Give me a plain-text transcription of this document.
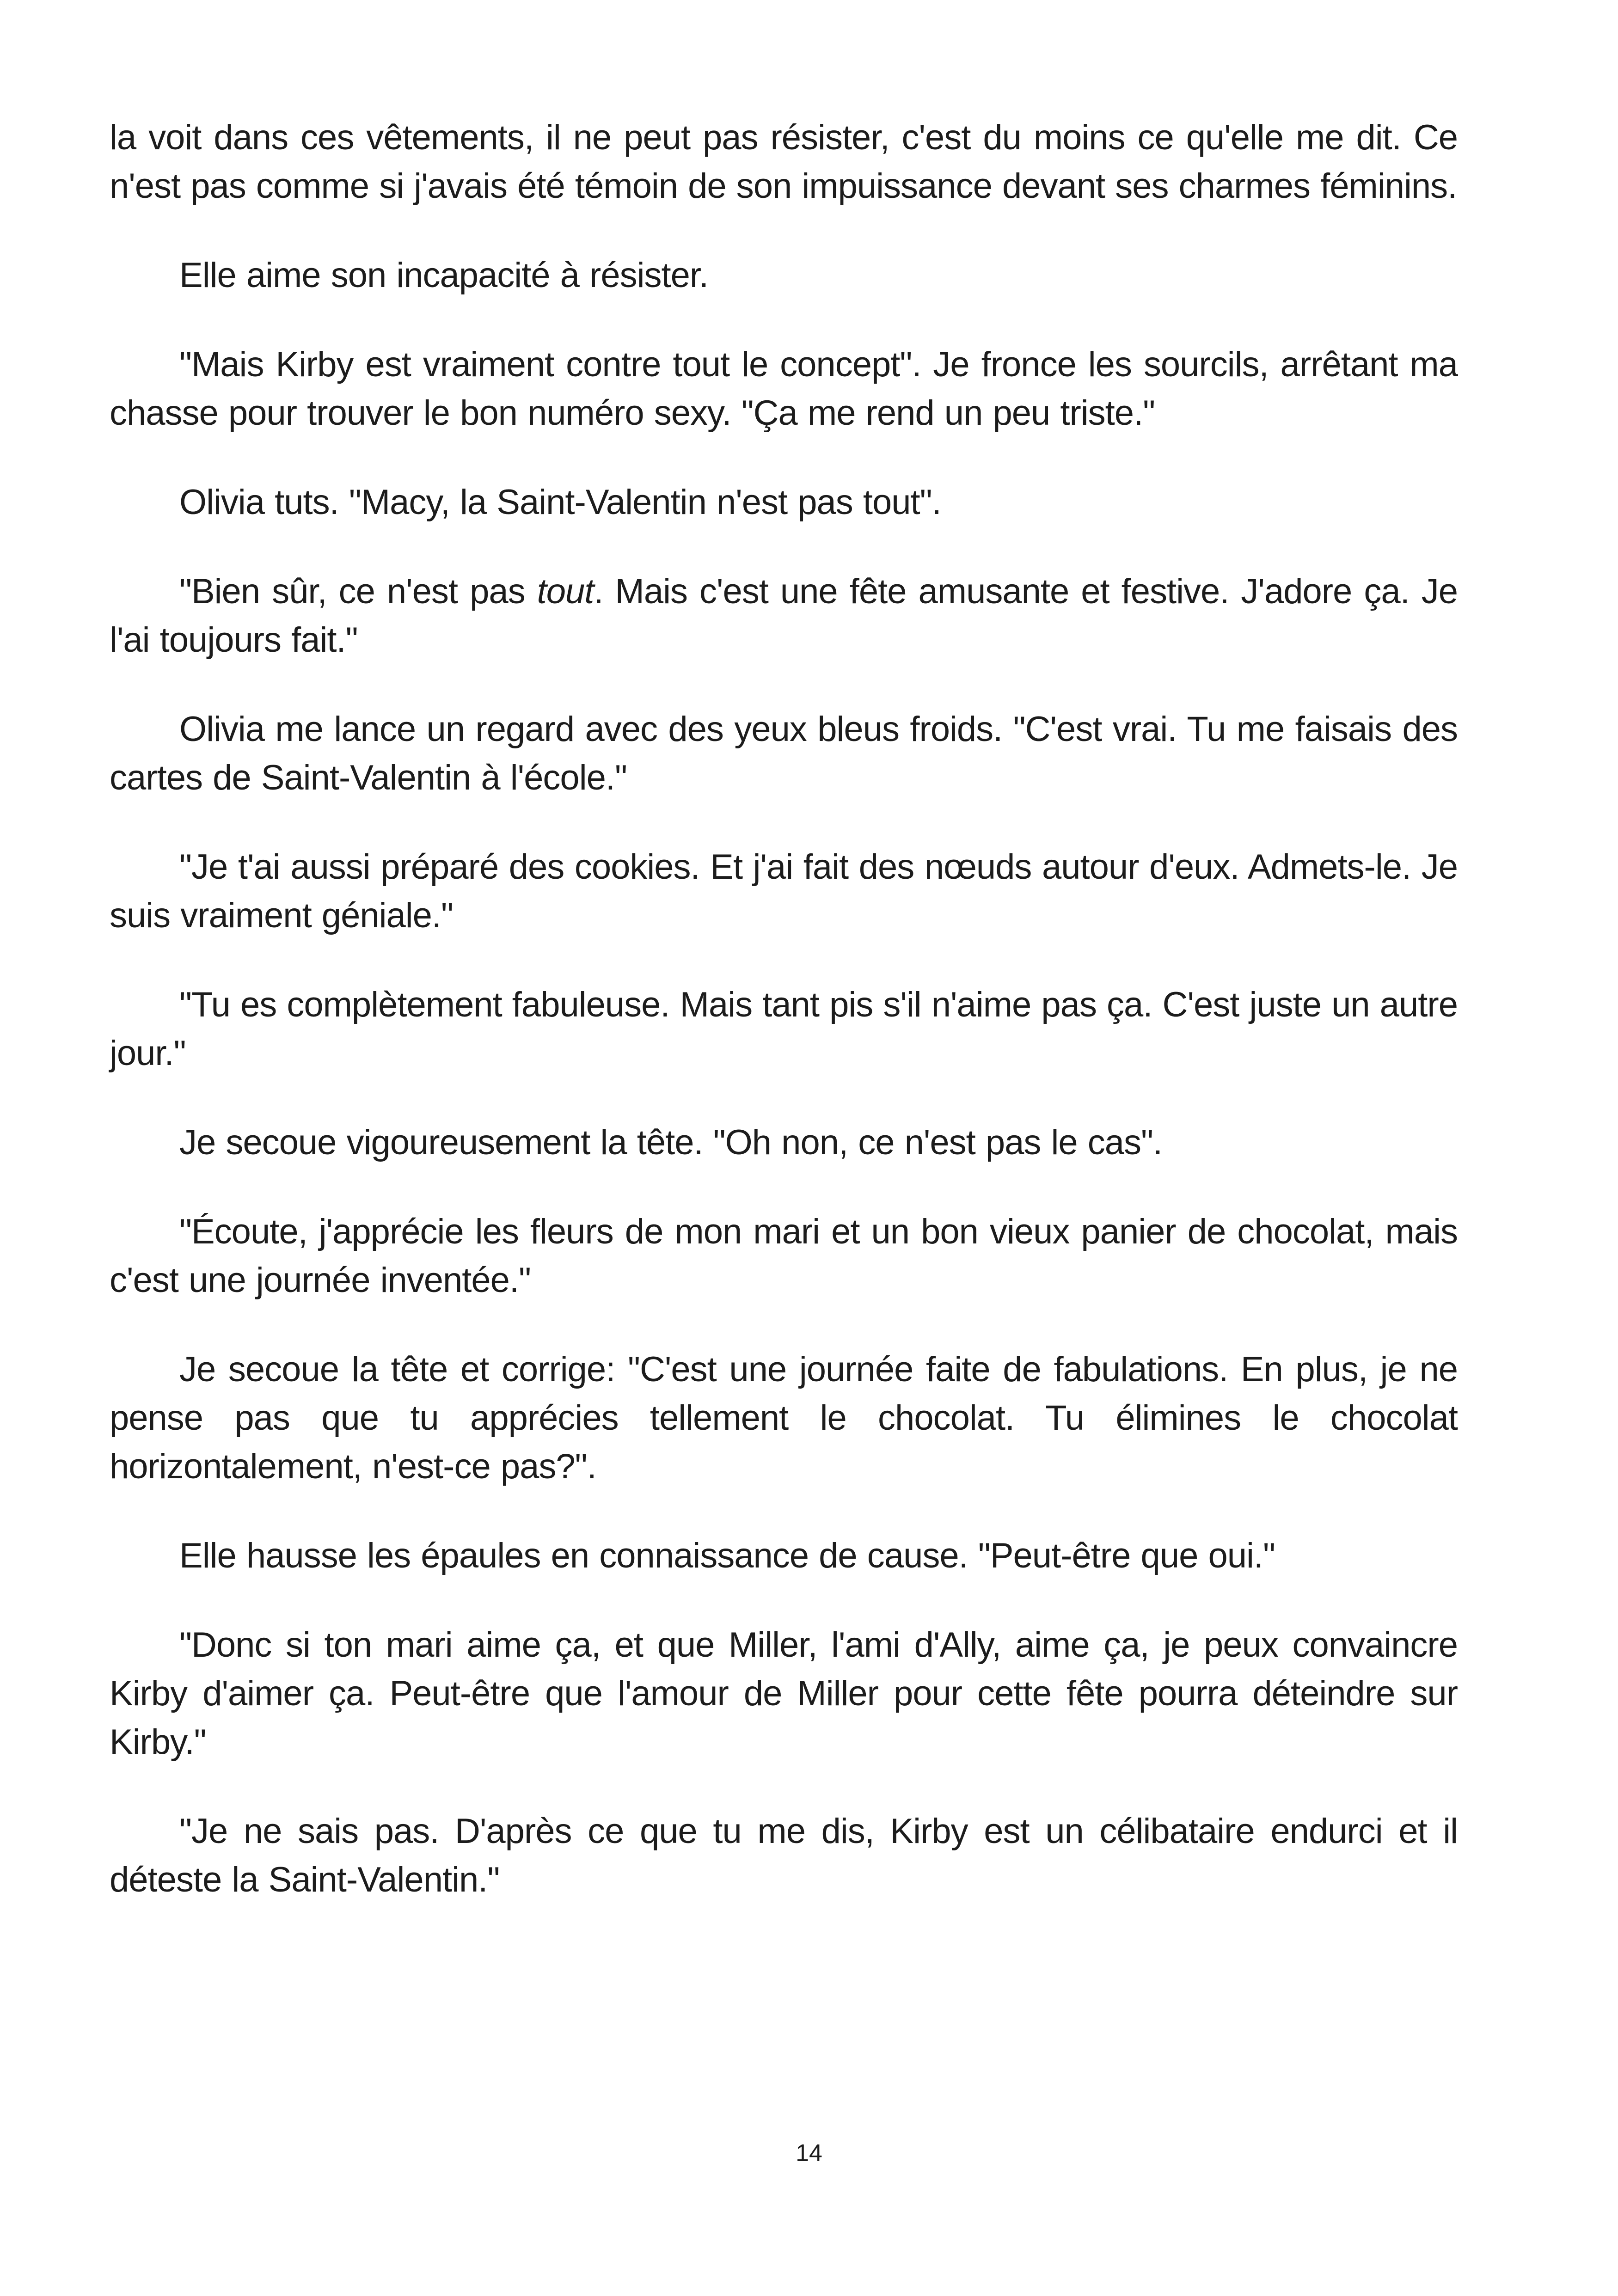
la voit dans ces vêtements, il ne peut pas résister, c'est du moins ce qu'elle me dit. Ce n'est pas comme si j'avais été témoin de son impuissance devant ses charmes féminins.

Elle aime son incapacité à résister.

"Mais Kirby est vraiment contre tout le concept". Je fronce les sourcils, arrêtant ma chasse pour trouver le bon numéro sexy. "Ça me rend un peu triste."

Olivia tuts. "Macy, la Saint-Valentin n'est pas tout".

"Bien sûr, ce n'est pas tout. Mais c'est une fête amusante et festive. J'adore ça. Je l'ai toujours fait."

Olivia me lance un regard avec des yeux bleus froids. "C'est vrai. Tu me faisais des cartes de Saint-Valentin à l'école."

"Je t'ai aussi préparé des cookies. Et j'ai fait des nœuds autour d'eux. Admets-le. Je suis vraiment géniale."

"Tu es complètement fabuleuse. Mais tant pis s'il n'aime pas ça. C'est juste un autre jour."

Je secoue vigoureusement la tête. "Oh non, ce n'est pas le cas".

"Écoute, j'apprécie les fleurs de mon mari et un bon vieux panier de chocolat, mais c'est une journée inventée."

Je secoue la tête et corrige: "C'est une journée faite de fabulations. En plus, je ne pense pas que tu apprécies tellement le chocolat. Tu élimines le chocolat horizontalement, n'est-ce pas?".

Elle hausse les épaules en connaissance de cause. "Peut-être que oui."

"Donc si ton mari aime ça, et que Miller, l'ami d'Ally, aime ça, je peux convaincre Kirby d'aimer ça. Peut-être que l'amour de Miller pour cette fête pourra déteindre sur Kirby."

"Je ne sais pas. D'après ce que tu me dis, Kirby est un célibataire endurci et il déteste la Saint-Valentin."

14
